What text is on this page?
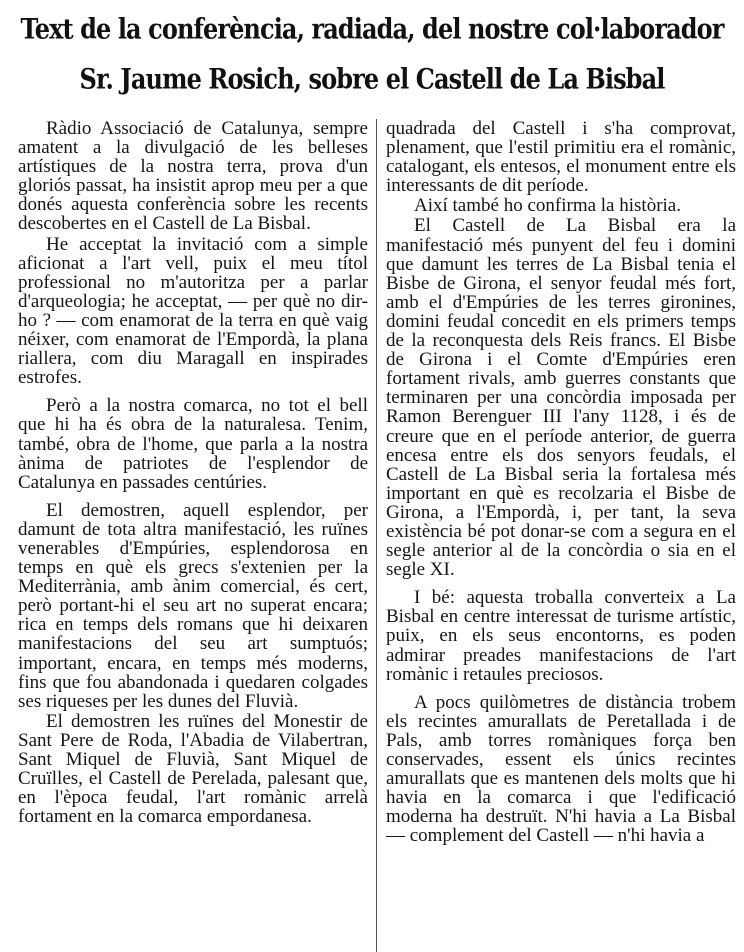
Text de la conferència, radiada, del nostre col·laborador
Sr. Jaume Rosich, sobre el Castell de La Bisbal

Ràdio Associació de Catalunya, sempre amatent a la divulgació de les belleses artístiques de la nostra terra, prova d'un gloriós passat, ha insistit aprop meu per a que donés aquesta conferència sobre les recents descobertes en el Castell de La Bisbal.

He acceptat la invitació com a simple aficionat a l'art vell, puix el meu títol professional no m'autoritza per a parlar d'arqueologia; he acceptat, — per què no dir-ho ? — com enamorat de la terra en què vaig néixer, com enamorat de l'Empordà, la plana riallera, com diu Maragall en inspirades estrofes.

Però a la nostra comarca, no tot el bell que hi ha és obra de la naturalesa. Tenim, també, obra de l'home, que parla a la nostra ànima de patriotes de l'esplendor de Catalunya en passades centúries.

El demostren, aquell esplendor, per damunt de tota altra manifestació, les ruïnes venerables d'Empúries, esplendorosa en temps en què els grecs s'extenien per la Mediterrània, amb ànim comercial, és cert, però portant-hi el seu art no superat encara; rica en temps dels romans que hi deixaren manifestacions del seu art sumptuós; important, encara, en temps més moderns, fins que fou abandonada i quedaren colgades ses riqueses per les dunes del Fluvià.

El demostren les ruïnes del Monestir de Sant Pere de Roda, l'Abadia de Vilabertran, Sant Miquel de Fluvià, Sant Miquel de Cruïlles, el Castell de Perelada, palesant que, en l'època feudal, l'art romànic arrelà fortament en la comarca empordanesa.

quadrada del Castell i s'ha comprovat, plenament, que l'estil primitiu era el romànic, catalogant, els entesos, el monument entre els interessants de dit període.

Així també ho confirma la història.

El Castell de La Bisbal era la manifestació més punyent del feu i domini que damunt les terres de La Bisbal tenia el Bisbe de Girona, el senyor feudal més fort, amb el d'Empúries de les terres gironines, domini feudal concedit en els primers temps de la reconquesta dels Reis francs. El Bisbe de Girona i el Comte d'Empúries eren fortament rivals, amb guerres constants que terminaren per una concòrdia imposada per Ramon Berenguer III l'any 1128, i és de creure que en el període anterior, de guerra encesa entre els dos senyors feudals, el Castell de La Bisbal seria la fortalesa més important en què es recolzaria el Bisbe de Girona, a l'Empordà, i, per tant, la seva existència bé pot donar-se com a segura en el segle anterior al de la concòrdia o sia en el segle XI.

I bé: aquesta troballa converteix a La Bisbal en centre interessat de turisme artístic, puix, en els seus encontorns, es poden admirar preades manifestacions de l'art romànic i retaules preciosos.

A pocs quilòmetres de distància trobem els recintes amurallats de Peretallada i de Pals, amb torres romàniques força ben conservades, essent els únics recintes amurallats que es mantenen dels molts que hi havia en la comarca i que l'edificació moderna ha destruït. N'hi havia a La Bisbal — complement del Castell — n'hi havia a
